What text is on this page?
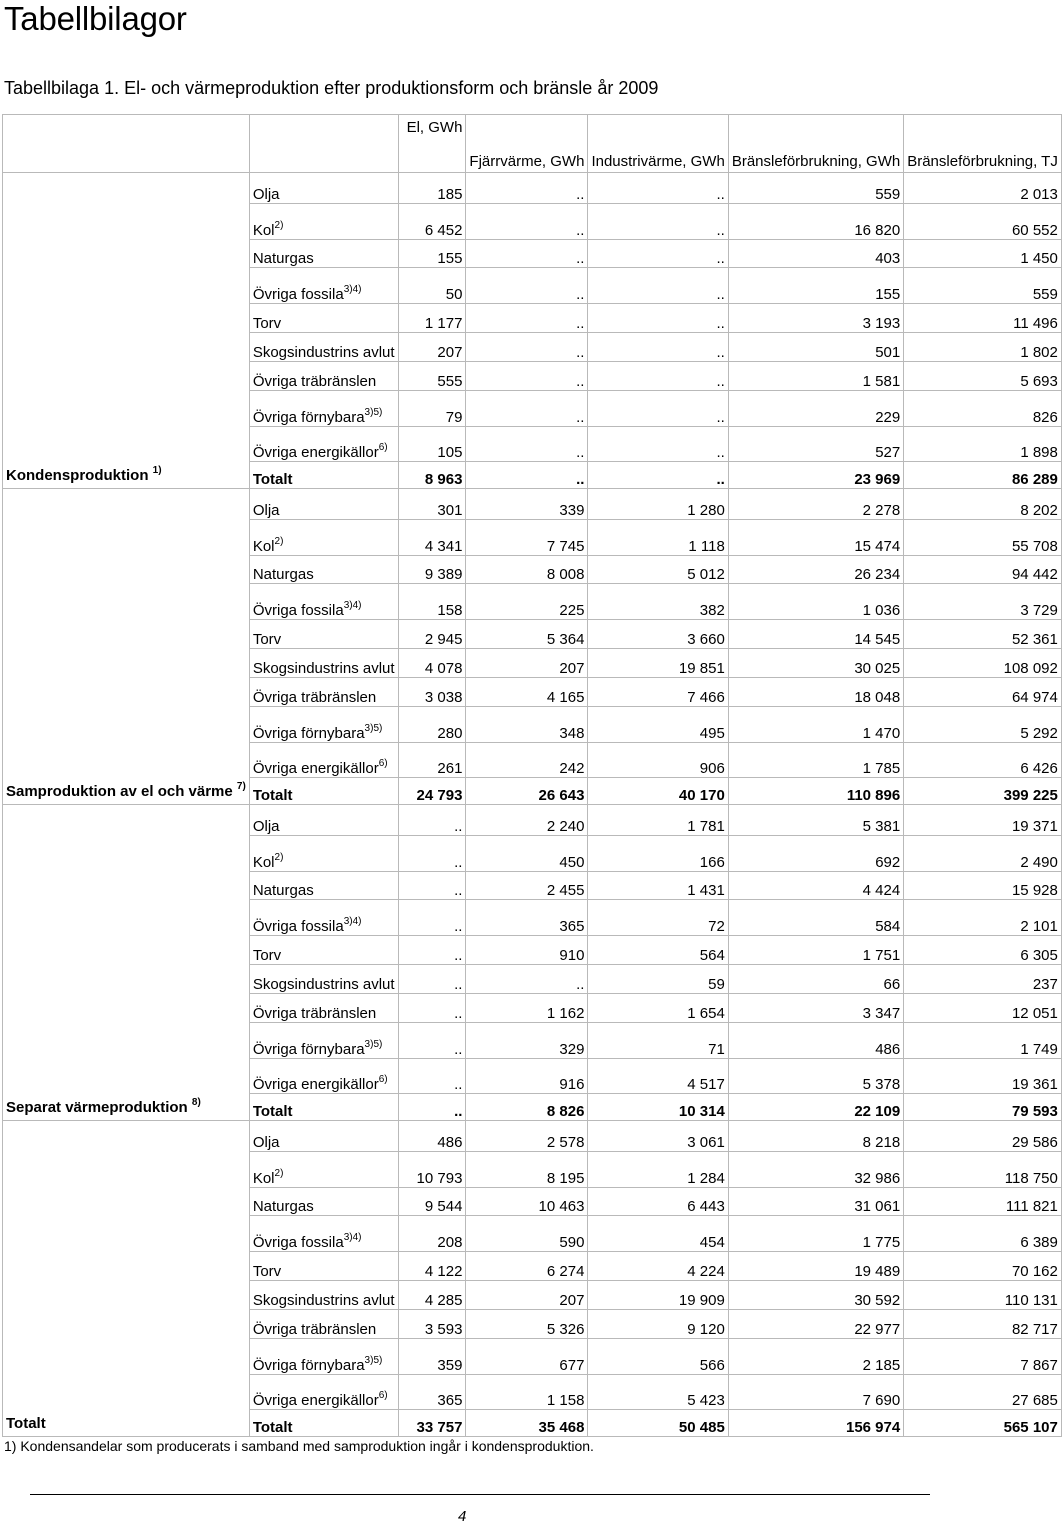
Tabellbilagor
Tabellbilaga 1. El- och värmeproduktion efter produktionsform och bränsle år 2009
		El, GWh	Fjärrvärme, GWh	Industrivärme, GWh	Bränsleförbrukning, GWh	Bränsleförbrukning, TJ
Kondensproduktion $^{1)}$	Olja	185	..	..	559	2 013
	Kol$^{2)}$	6 452	..	..	16 820	60 552
	Naturgas	155	..	..	403	1 450
	Övriga fossila$^{3)4)}$	50	..	..	155	559
	Torv	1 177	..	..	3 193	11 496
	Skogsindustrins avlut	207	..	..	501	1 802
	Övriga träbränslen	555	..	..	1 581	5 693
	Övriga förnybara$^{3)5)}$	79	..	..	229	826
	Övriga energikällor$^{6)}$	105	..	..	527	1 898
	Totalt	8 963	..	..	23 969	86 289
Samproduktion av el och värme $^{7)}$	Olja	301	339	1 280	2 278	8 202
	Kol$^{2)}$	4 341	7 745	1 118	15 474	55 708
	Naturgas	9 389	8 008	5 012	26 234	94 442
	Övriga fossila$^{3)4)}$	158	225	382	1 036	3 729
	Torv	2 945	5 364	3 660	14 545	52 361
	Skogsindustrins avlut	4 078	207	19 851	30 025	108 092
	Övriga träbränslen	3 038	4 165	7 466	18 048	64 974
	Övriga förnybara$^{3)5)}$	280	348	495	1 470	5 292
	Övriga energikällor$^{6)}$	261	242	906	1 785	6 426
	Totalt	24 793	26 643	40 170	110 896	399 225
Separat värmeproduktion $^{8)}$	Olja	..	2 240	1 781	5 381	19 371
	Kol$^{2)}$	..	450	166	692	2 490
	Naturgas	..	2 455	1 431	4 424	15 928
	Övriga fossila$^{3)4)}$	..	365	72	584	2 101
	Torv	..	910	564	1 751	6 305
	Skogsindustrins avlut	..	..	59	66	237
	Övriga träbränslen	..	1 162	1 654	3 347	12 051
	Övriga förnybara$^{3)5)}$	..	329	71	486	1 749
	Övriga energikällor$^{6)}$	..	916	4 517	5 378	19 361
	Totalt	..	8 826	10 314	22 109	79 593
Totalt	Olja	486	2 578	3 061	8 218	29 586
	Kol$^{2)}$	10 793	8 195	1 284	32 986	118 750
	Naturgas	9 544	10 463	6 443	31 061	111 821
	Övriga fossila$^{3)4)}$	208	590	454	1 775	6 389
	Torv	4 122	6 274	4 224	19 489	70 162
	Skogsindustrins avlut	4 285	207	19 909	30 592	110 131
	Övriga träbränslen	3 593	5 326	9 120	22 977	82 717
	Övriga förnybara$^{3)5)}$	359	677	566	2 185	7 867
	Övriga energikällor$^{6)}$	365	1 158	5 423	7 690	27 685
	Totalt	33 757	35 468	50 485	156 974	565 107

1) Kondensandelar som producerats i samband med samproduktion ingår i kondensproduktion.

4
